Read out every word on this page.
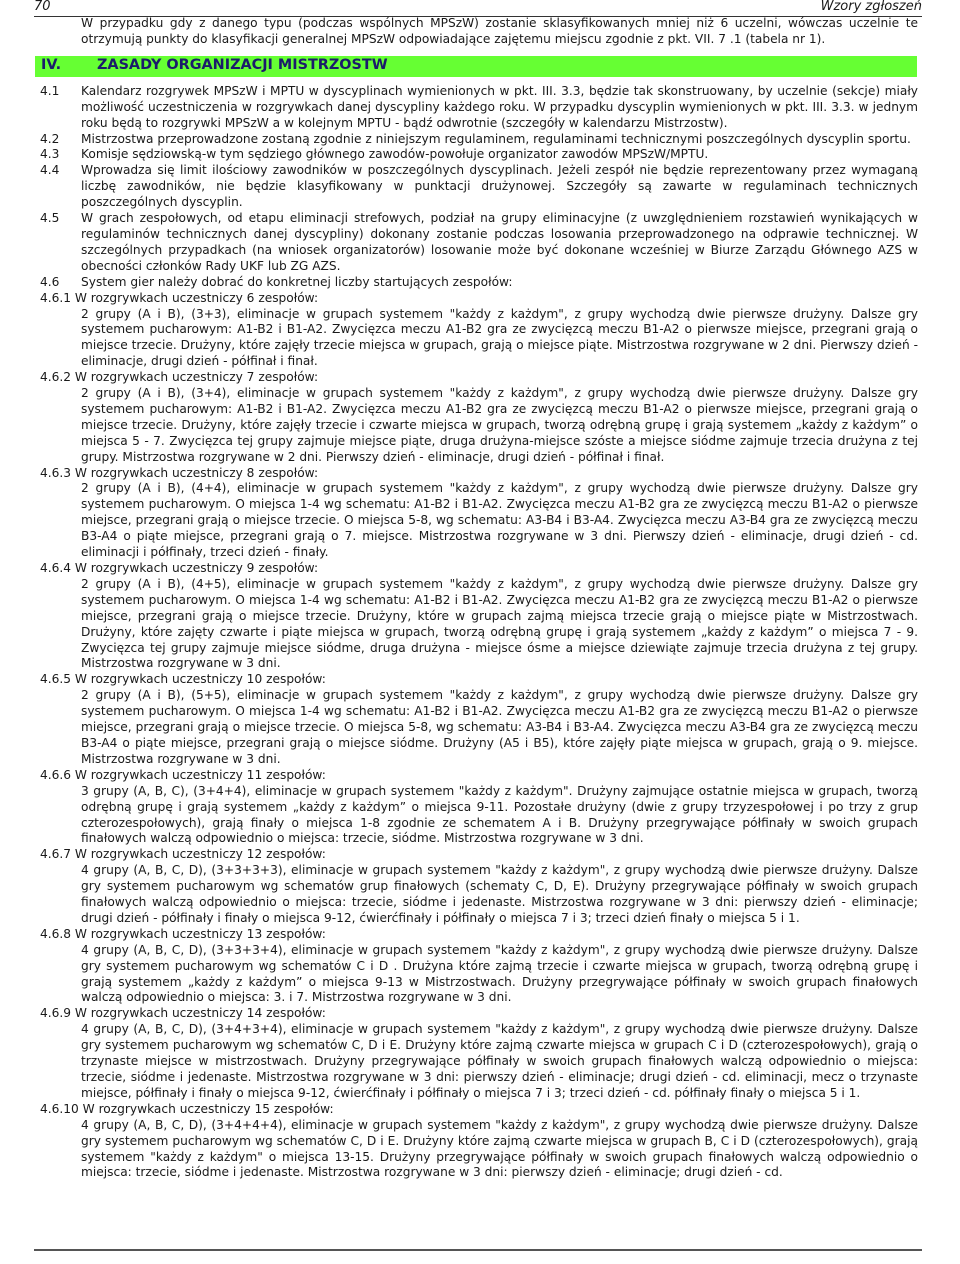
70	Wzory zgłoszeń

W przypadku gdy z danego typu (podczas wspólnych MPSzW) zostanie sklasyfikowanych mniej niż 6 uczelni, wówczas uczelnie te otrzymują punkty do klasyfikacji generalnej MPSzW odpowiadające zajętemu miejscu zgodnie z pkt. VII. 7 .1 (tabela nr 1).

IV. ZASADY ORGANIZACJI MISTRZOSTW
4.1 Kalendarz rozgrywek MPSzW i MPTU w dyscyplinach wymienionych w pkt. III. 3.3, będzie tak skonstruowany, by uczelnie (sekcje) miały możliwość uczestniczenia w rozgrywkach danej dyscypliny każdego roku. W przypadku dyscyplin wymienionych w pkt. III. 3.3. w jednym roku będą to rozgrywki MPSzW a w kolejnym MPTU - bądź odwrotnie (szczegóły w kalendarzu Mistrzostw).
4.2 Mistrzostwa przeprowadzone zostaną zgodnie z niniejszym regulaminem, regulaminami technicznymi poszczególnych dyscyplin sportu.
4.3 Komisje sędziowską-w tym sędziego głównego zawodów-powołuje organizator zawodów MPSzW/MPTU.
4.4 Wprowadza się limit ilościowy zawodników w poszczególnych dyscyplinach. Jeżeli zespół nie będzie reprezentowany przez wymaganą liczbę zawodników, nie będzie klasyfikowany w punktacji drużynowej. Szczegóły są zawarte w regulaminach technicznych poszczególnych dyscyplin.
4.5 W grach zespołowych, od etapu eliminacji strefowych, podział na grupy eliminacyjne (z uwzględnieniem rozstawień wynikających w regulaminów technicznych danej dyscypliny) dokonany zostanie podczas losowania przeprowadzonego na odprawie technicznej. W szczególnych przypadkach (na wniosek organizatorów) losowanie może być dokonane wcześniej w Biurze Zarządu Głównego AZS w obecności członków Rady UKF lub ZG AZS.
4.6 System gier należy dobrać do konkretnej liczby startujących zespołów:
4.6.1 W rozgrywkach uczestniczy 6 zespołów:
2 grupy (A i B), (3+3), eliminacje w grupach systemem "każdy z każdym", z grupy wychodzą dwie pierwsze drużyny. Dalsze gry systemem pucharowym: A1-B2 i B1-A2. Zwycięzca meczu A1-B2 gra ze zwycięzcą meczu B1-A2 o pierwsze miejsce, przegrani grają o miejsce trzecie. Drużyny, które zajęły trzecie miejsca w grupach, grają o miejsce piąte. Mistrzostwa rozgrywane w 2 dni. Pierwszy dzień - eliminacje, drugi dzień - półfinał i finał.
4.6.2 W rozgrywkach uczestniczy 7 zespołów:
2 grupy (A i B), (3+4), eliminacje w grupach systemem "każdy z każdym", z grupy wychodzą dwie pierwsze drużyny. Dalsze gry systemem pucharowym: A1-B2 i B1-A2. Zwycięzca meczu A1-B2 gra ze zwycięzcą meczu B1-A2 o pierwsze miejsce, przegrani grają o miejsce trzecie. Drużyny, które zajęły trzecie i czwarte miejsca w grupach, tworzą odrębną grupę i grają systemem „każdy z każdym” o miejsca 5 - 7. Zwycięzca tej grupy zajmuje miejsce piąte, druga drużyna-miejsce szóste a miejsce siódme zajmuje trzecia drużyna z tej grupy. Mistrzostwa rozgrywane w 2 dni. Pierwszy dzień - eliminacje, drugi dzień - półfinał i finał.
4.6.3 W rozgrywkach uczestniczy 8 zespołów:
2 grupy (A i B), (4+4), eliminacje w grupach systemem "każdy z każdym", z grupy wychodzą dwie pierwsze drużyny. Dalsze gry systemem pucharowym. O miejsca 1-4 wg schematu: A1-B2 i B1-A2. Zwycięzca meczu A1-B2 gra ze zwycięzcą meczu B1-A2 o pierwsze miejsce, przegrani grają o miejsce trzecie. O miejsca 5-8, wg schematu: A3-B4 i B3-A4. Zwycięzca meczu A3-B4 gra ze zwycięzcą meczu B3-A4 o piąte miejsce, przegrani grają o 7. miejsce. Mistrzostwa rozgrywane w 3 dni. Pierwszy dzień - eliminacje, drugi dzień - cd. eliminacji i półfinały, trzeci dzień - finały.
4.6.4 W rozgrywkach uczestniczy 9 zespołów:
2 grupy (A i B), (4+5), eliminacje w grupach systemem "każdy z każdym", z grupy wychodzą dwie pierwsze drużyny. Dalsze gry systemem pucharowym. O miejsca 1-4 wg schematu: A1-B2 i B1-A2. Zwycięzca meczu A1-B2 gra ze zwycięzcą meczu B1-A2 o pierwsze miejsce, przegrani grają o miejsce trzecie. Drużyny, które w grupach zajmą miejsca trzecie grają o miejsce piąte w Mistrzostwach. Drużyny, które zajęty czwarte i piąte miejsca w grupach, tworzą odrębną grupę i grają systemem „każdy z każdym” o miejsca 7 - 9. Zwycięzca tej grupy zajmuje miejsce siódme, druga drużyna - miejsce ósme a miejsce dziewiąte zajmuje trzecia drużyna z tej grupy. Mistrzostwa rozgrywane w 3 dni.
4.6.5 W rozgrywkach uczestniczy 10 zespołów:
2 grupy (A i B), (5+5), eliminacje w grupach systemem "każdy z każdym", z grupy wychodzą dwie pierwsze drużyny. Dalsze gry systemem pucharowym. O miejsca 1-4 wg schematu: A1-B2 i B1-A2. Zwycięzca meczu A1-B2 gra ze zwycięzcą meczu B1-A2 o pierwsze miejsce, przegrani grają o miejsce trzecie. O miejsca 5-8, wg schematu: A3-B4 i B3-A4. Zwycięzca meczu A3-B4 gra ze zwycięzcą meczu B3-A4 o piąte miejsce, przegrani grają o miejsce siódme. Drużyny (A5 i B5), które zajęły piąte miejsca w grupach, grają o 9. miejsce. Mistrzostwa rozgrywane w 3 dni.
4.6.6 W rozgrywkach uczestniczy 11 zespołów:
3 grupy (A, B, C), (3+4+4), eliminacje w grupach systemem "każdy z każdym". Drużyny zajmujące ostatnie miejsca w grupach, tworzą odrębną grupę i grają systemem „każdy z każdym” o miejsca 9-11. Pozostałe drużyny (dwie z grupy trzyzespołowej i po trzy z grup czterozespołowych), grają finały o miejsca 1-8 zgodnie ze schematem A i B. Drużyny przegrywające półfinały w swoich grupach finałowych walczą odpowiednio o miejsca: trzecie, siódme. Mistrzostwa rozgrywane w 3 dni.
4.6.7 W rozgrywkach uczestniczy 12 zespołów:
4 grupy (A, B, C, D), (3+3+3+3), eliminacje w grupach systemem "każdy z każdym", z grupy wychodzą dwie pierwsze drużyny. Dalsze gry systemem pucharowym wg schematów grup finałowych (schematy C, D, E). Drużyny przegrywające półfinały w swoich grupach finałowych walczą odpowiednio o miejsca: trzecie, siódme i jedenaste. Mistrzostwa rozgrywane w 3 dni: pierwszy dzień - eliminacje; drugi dzień - półfinały i finały o miejsca 9-12, ćwierćfinały i półfinały o miejsca 7 i 3; trzeci dzień finały o miejsca 5 i 1.
4.6.8 W rozgrywkach uczestniczy 13 zespołów:
4 grupy (A, B, C, D), (3+3+3+4), eliminacje w grupach systemem "każdy z każdym", z grupy wychodzą dwie pierwsze drużyny. Dalsze gry systemem pucharowym wg schematów C i D . Drużyna które zajmą trzecie i czwarte miejsca w grupach, tworzą odrębną grupę i grają systemem „każdy z każdym” o miejsca 9-13 w Mistrzostwach. Drużyny przegrywające półfinały w swoich grupach finałowych walczą odpowiednio o miejsca: 3. i 7. Mistrzostwa rozgrywane w 3 dni.
4.6.9 W rozgrywkach uczestniczy 14 zespołów:
4 grupy (A, B, C, D), (3+4+3+4), eliminacje w grupach systemem "każdy z każdym", z grupy wychodzą dwie pierwsze drużyny. Dalsze gry systemem pucharowym wg schematów C, D i E. Drużyny które zajmą czwarte miejsca w grupach C i D (czterozespołowych), grają o trzynaste miejsce w mistrzostwach. Drużyny przegrywające półfinały w swoich grupach finałowych walczą odpowiednio o miejsca: trzecie, siódme i jedenaste. Mistrzostwa rozgrywane w 3 dni: pierwszy dzień - eliminacje; drugi dzień - cd. eliminacji, mecz o trzynaste miejsce, półfinały i finały o miejsca 9-12, ćwierćfinały i półfinały o miejsca 7 i 3; trzeci dzień - cd. półfinały finały o miejsca 5 i 1.
4.6.10 W rozgrywkach uczestniczy 15 zespołów:
4 grupy (A, B, C, D), (3+4+4+4), eliminacje w grupach systemem "każdy z każdym", z grupy wychodzą dwie pierwsze drużyny. Dalsze gry systemem pucharowym wg schematów C, D i E. Drużyny które zajmą czwarte miejsca w grupach B, C i D (czterozespołowych), grają systemem "każdy z każdym" o miejsca 13-15. Drużyny przegrywające półfinały w swoich grupach finałowych walczą odpowiednio o miejsca: trzecie, siódme i jedenaste. Mistrzostwa rozgrywane w 3 dni: pierwszy dzień - eliminacje; drugi dzień - cd.
